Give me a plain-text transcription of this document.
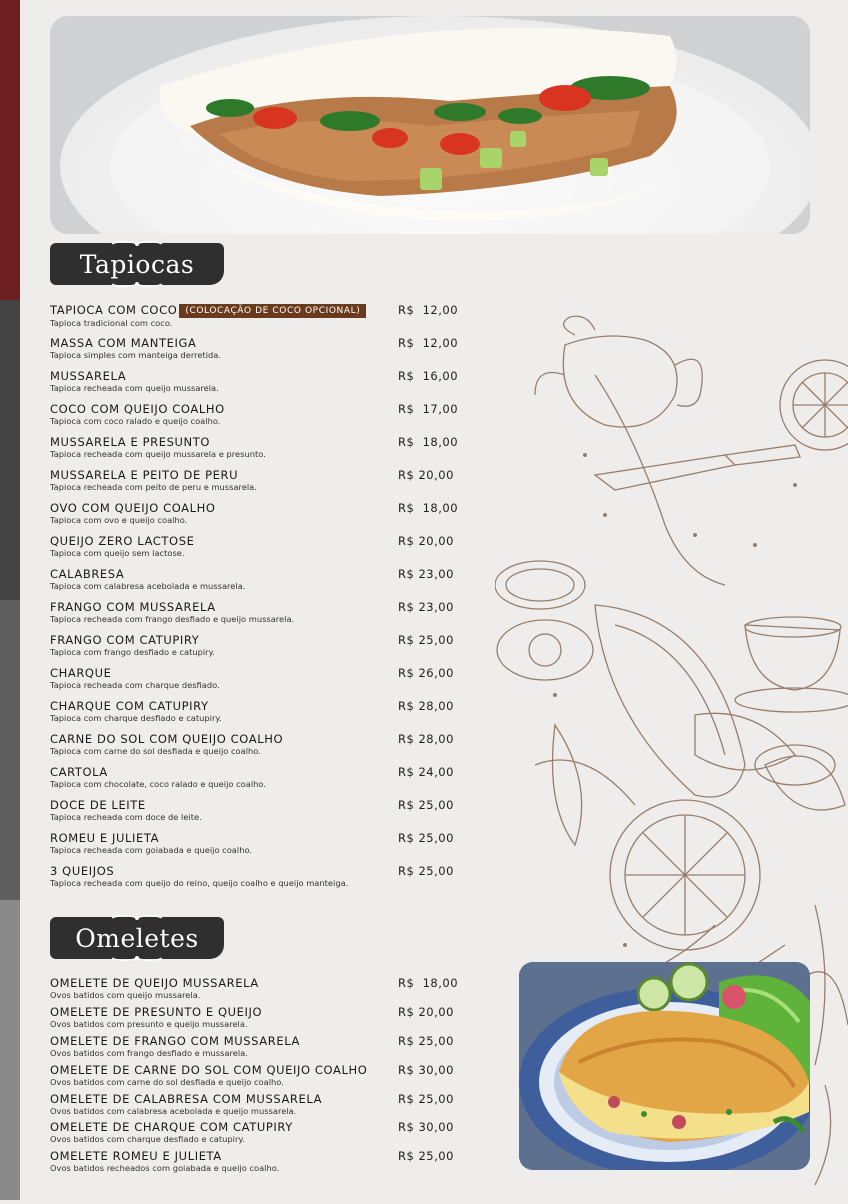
Tapiocas
TAPIOCA COM COCO (COLOCAÇÃO DE COCO OPCIONAL)
Tapioca tradicional com coco.
R$  12,00
MASSA COM MANTEIGA
Tapioca simples com manteiga derretida.
R$  12,00
MUSSARELA
Tapioca recheada com queijo mussarela.
R$  16,00
COCO COM QUEIJO COALHO
Tapioca com coco ralado e queijo coalho.
R$  17,00
MUSSARELA E PRESUNTO
Tapioca recheada com queijo mussarela e presunto.
R$  18,00
MUSSARELA E PEITO DE PERU
Tapioca recheada com peito de peru e mussarela.
R$ 20,00
OVO COM QUEIJO COALHO
Tapioca com ovo e queijo coalho.
R$  18,00
QUEIJO ZERO LACTOSE
Tapioca com queijo sem lactose.
R$ 20,00
CALABRESA
Tapioca com calabresa acebolada e mussarela.
R$ 23,00
FRANGO COM MUSSARELA
Tapioca recheada com frango desfiado e queijo mussarela.
R$ 23,00
FRANGO COM CATUPIRY
Tapioca com frango desfiado e catupiry.
R$ 25,00
CHARQUE
Tapioca recheada com charque desfiado.
R$ 26,00
CHARQUE COM CATUPIRY
Tapioca com charque desfiado e catupiry.
R$ 28,00
CARNE DO SOL COM QUEIJO COALHO
Tapioca com carne do sol desfiada e queijo coalho.
R$ 28,00
CARTOLA
Tapioca com chocolate, coco ralado e queijo coalho.
R$ 24,00
DOCE DE LEITE
Tapioca recheada com doce de leite.
R$ 25,00
ROMEU E JULIETA
Tapioca recheada com goiabada e queijo coalho.
R$ 25,00
3 QUEIJOS
Tapioca recheada com queijo do reino, queijo coalho e queijo manteiga.
R$ 25,00
Omeletes
OMELETE DE QUEIJO MUSSARELA
Ovos batidos com queijo mussarela.
R$  18,00
OMELETE DE PRESUNTO E QUEIJO
Ovos batidos com presunto e queijo mussarela.
R$ 20,00
OMELETE DE FRANGO COM MUSSARELA
Ovos batidos com frango desfiado e mussarela.
R$ 25,00
OMELETE DE CARNE DO SOL COM QUEIJO COALHO
Ovos batidos com carne do sol desfiada e queijo coalho.
R$ 30,00
OMELETE DE CALABRESA COM MUSSARELA
Ovos batidos com calabresa acebolada e queijo mussarela.
R$ 25,00
OMELETE DE CHARQUE COM CATUPIRY
Ovos batidos com charque desfiado e catupiry.
R$ 30,00
OMELETE ROMEU E JULIETA
Ovos batidos recheados com goiabada e queijo coalho.
R$ 25,00
